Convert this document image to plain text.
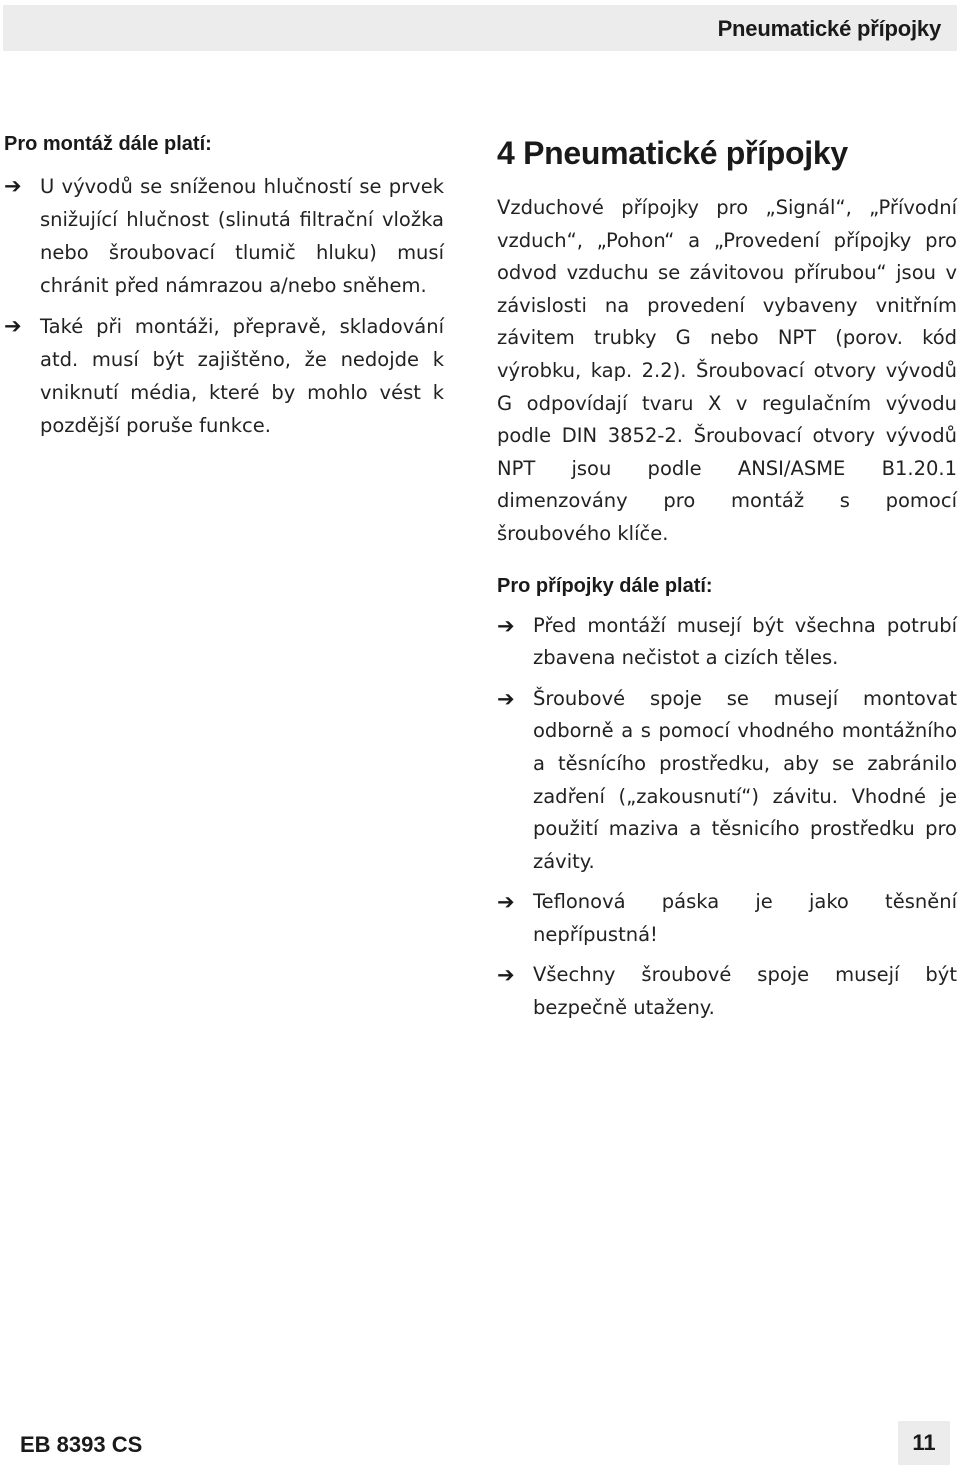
Pneumatické přípojky
Pro montáž dále platí:
➔ U vývodů se sníženou hlučností se prvek snižující hlučnost (slinutá filtrační vložka nebo šroubovací tlumič hluku) musí chránit před námrazou a/nebo sněhem.
➔ Také při montáži, přepravě, skladování atd. musí být zajištěno, že nedojde k vniknutí média, které by mohlo vést k pozdější poruše funkce.
4 Pneumatické přípojky

Vzduchové přípojky pro „Signál“, „Přívodní vzduch“, „Pohon“ a „Provedení přípojky pro odvod vzduchu se závitovou přírubou“ jsou v závislosti na provedení vybaveny vnitřním závitem trubky G nebo NPT (porov. kód výrobku, kap. 2.2). Šroubovací otvory vývodů G odpovídají tvaru X v regulačním vývodu podle DIN 3852-2. Šroubovací otvory vývodů NPT jsou podle ANSI/ASME B1.20.1 dimenzovány pro montáž s pomocí šroubového klíče.

Pro přípojky dále platí:
➔ Před montáží musejí být všechna potrubí zbavena nečistot a cizích těles.
➔ Šroubové spoje se musejí montovat odborně a s pomocí vhodného montážního a těsnícího prostředku, aby se zabránilo zadření („zakousnutí“) závitu. Vhodné je použití maziva a těsnicího prostředku pro závity.
➔ Teflonová páska je jako těsnění nepřípustná!
➔ Všechny šroubové spoje musejí být bezpečně utaženy.
EB 8393 CS	11
